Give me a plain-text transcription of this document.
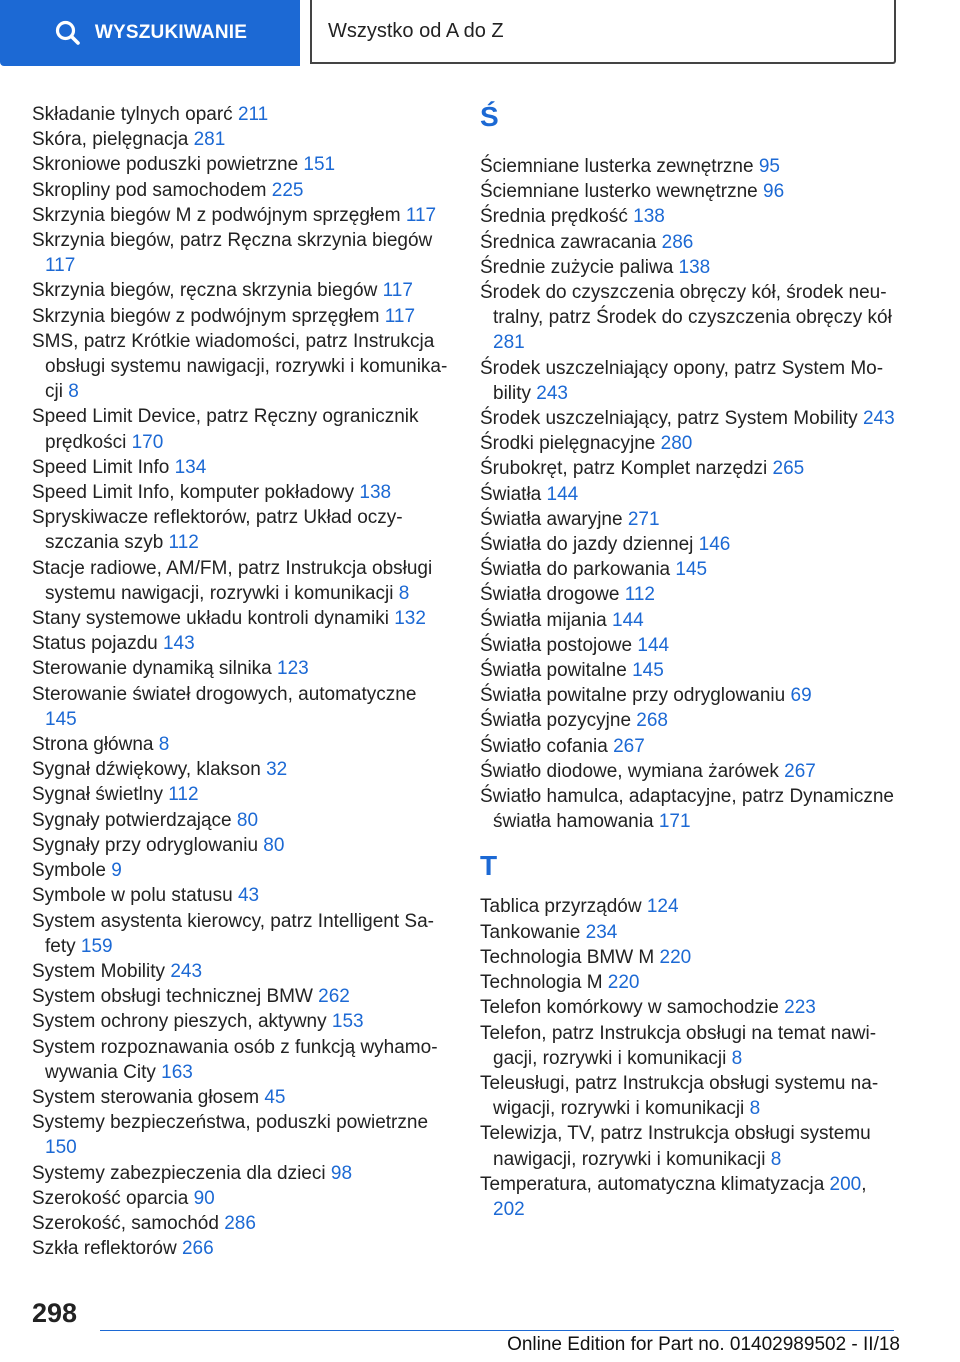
WYSZUKIWANIE	Wszystko od A do Z
Składanie tylnych oparć 211
Skóra, pielęgnacja 281
Skroniowe poduszki powietrzne 151
Skropliny pod samochodem 225
Skrzynia biegów M z podwójnym sprzęgłem 117
Skrzynia biegów, patrz Ręczna skrzynia biegów 117
Skrzynia biegów, ręczna skrzynia biegów 117
Skrzynia biegów z podwójnym sprzęgłem 117
SMS, patrz Krótkie wiadomości, patrz Instrukcja obsługi systemu nawigacji, rozrywki i komunikacji 8
Speed Limit Device, patrz Ręczny ogranicznik prędkości 170
Speed Limit Info 134
Speed Limit Info, komputer pokładowy 138
Spryskiwacze reflektorów, patrz Układ oczyszczania szyb 112
Stacje radiowe, AM/FM, patrz Instrukcja obsługi systemu nawigacji, rozrywki i komunikacji 8
Stany systemowe układu kontroli dynamiki 132
Status pojazdu 143
Sterowanie dynamiką silnika 123
Sterowanie świateł drogowych, automatyczne 145
Strona główna 8
Sygnał dźwiękowy, klakson 32
Sygnał świetlny 112
Sygnały potwierdzające 80
Sygnały przy odryglowaniu 80
Symbole 9
Symbole w polu statusu 43
System asystenta kierowcy, patrz Intelligent Safety 159
System Mobility 243
System obsługi technicznej BMW 262
System ochrony pieszych, aktywny 153
System rozpoznawania osób z funkcją wyhamowywania City 163
System sterowania głosem 45
Systemy bezpieczeństwa, poduszki powietrzne 150
Systemy zabezpieczenia dla dzieci 98
Szerokość oparcia 90
Szerokość, samochód 286
Szkła reflektorów 266
Ś
Ściemniane lusterka zewnętrzne 95
Ściemniane lusterko wewnętrzne 96
Średnia prędkość 138
Średnica zawracania 286
Średnie zużycie paliwa 138
Środek do czyszczenia obręczy kół, środek neutralny, patrz Środek do czyszczenia obręczy kół 281
Środek uszczelniający opony, patrz System Mobility 243
Środek uszczelniający, patrz System Mobility 243
Środki pielęgnacyjne 280
Śrubokręt, patrz Komplet narzędzi 265
Światła 144
Światła awaryjne 271
Światła do jazdy dziennej 146
Światła do parkowania 145
Światła drogowe 112
Światła mijania 144
Światła postojowe 144
Światła powitalne 145
Światła powitalne przy odryglowaniu 69
Światła pozycyjne 268
Światło cofania 267
Światło diodowe, wymiana żarówek 267
Światło hamulca, adaptacyjne, patrz Dynamiczne światła hamowania 171
T
Tablica przyrządów 124
Tankowanie 234
Technologia BMW M 220
Technologia M 220
Telefon komórkowy w samochodzie 223
Telefon, patrz Instrukcja obsługi na temat nawigacji, rozrywki i komunikacji 8
Teleusługi, patrz Instrukcja obsługi systemu nawigacji, rozrywki i komunikacji 8
Telewizja, TV, patrz Instrukcja obsługi systemu nawigacji, rozrywki i komunikacji 8
Temperatura, automatyczna klimatyzacja 200, 202
298
Online Edition for Part no. 01402989502 - II/18
